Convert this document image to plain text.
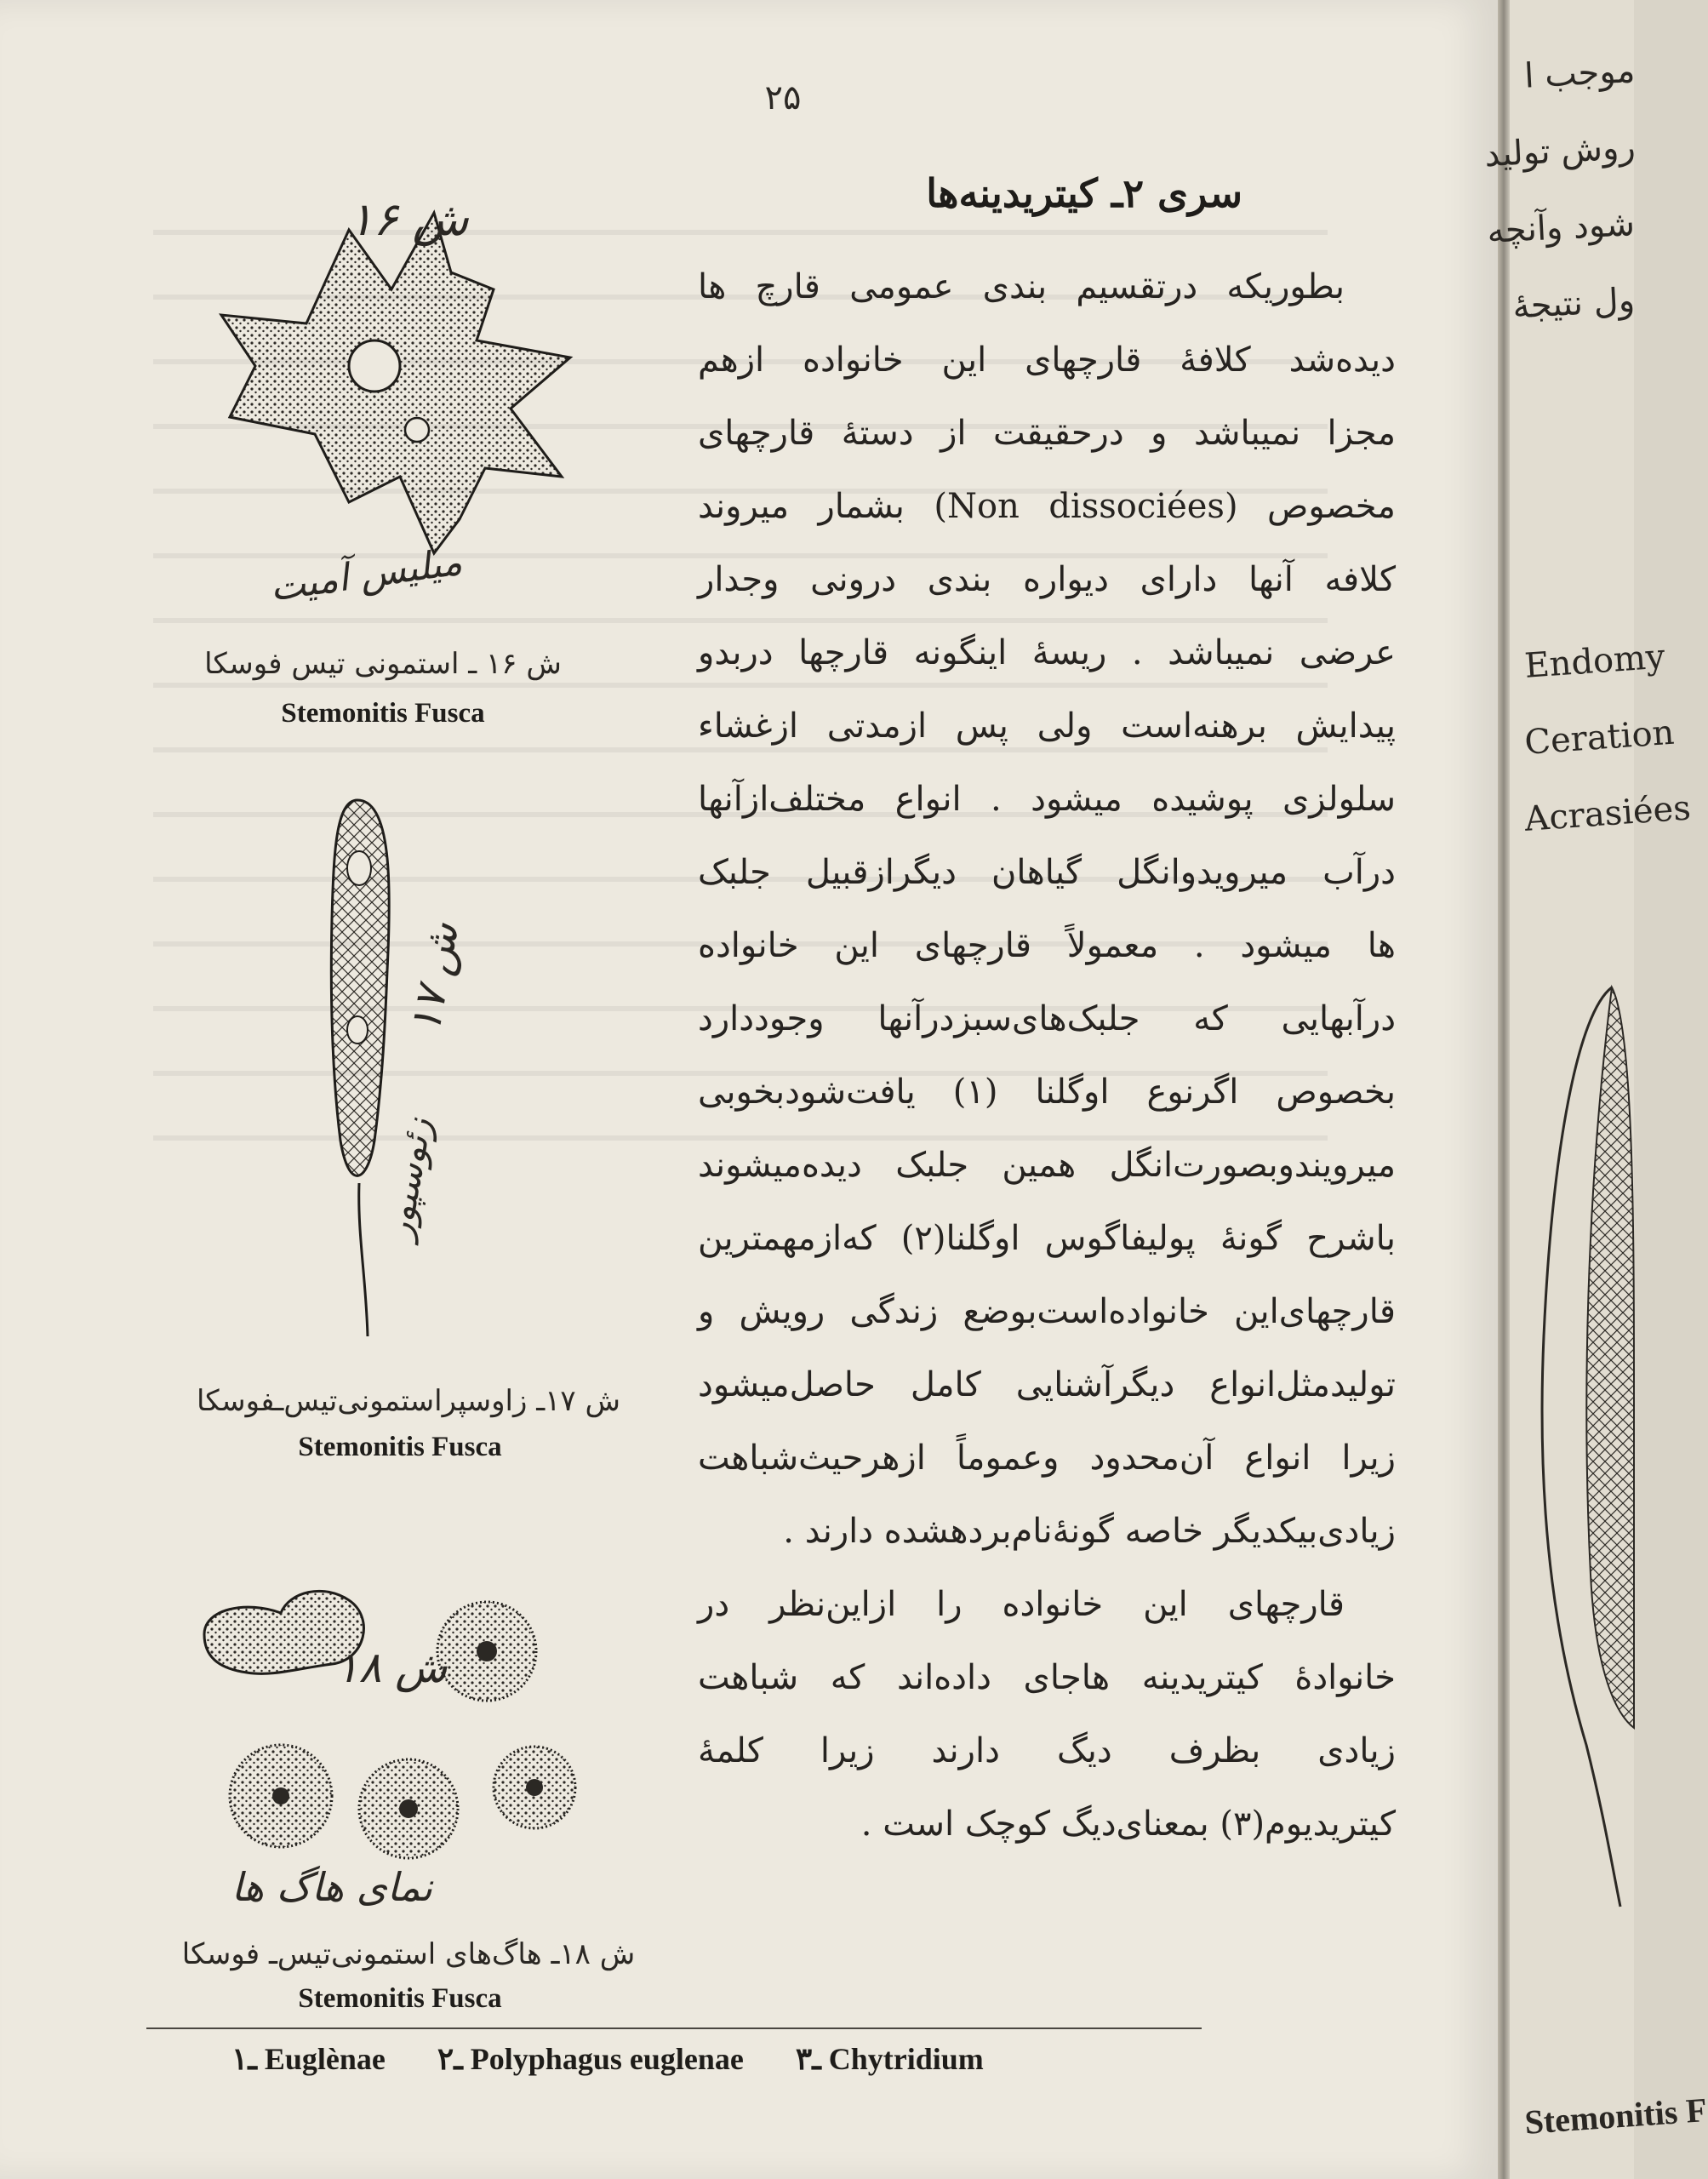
۲۵
سری ۲ـ کیتریدینه‌ها
بطوریکه درتقسیم بندی عمومی قارچ ها
دیده‌شد کلافهٔ قارچهای این خانواده ازهم
مجزا نمیباشد و درحقیقت از دستهٔ قارچهای
مخصوص (Non dissociées) بشمار میروند
کلافه آنها دارای دیواره بندی درونی وجدار
عرضی نمیباشد . ریسهٔ اینگونه قارچها دربدو
پیدایش برهنه‌است ولی پس ازمدتی ازغشاء
سلولزی پوشیده میشود . انواع مختلف‌ازآنها
درآب میرویدوانگل گیاهان دیگرازقبیل جلبک
ها میشود . معمولاً قارچهای این خانواده
درآبهایی که جلبک‌های‌سبزدرآنها وجوددارد
بخصوص اگرنوع اوگلنا (۱) یافت‌شودبخوبی
میرویندوبصورت‌انگل همین جلبک دیده‌میشوند
باشرح گونهٔ پولیفاگوس اوگلنا(۲) که‌ازمهمترین
قارچهای‌این خانواده‌است‌بوضع زندگی رویش و
تولیدمثل‌انواع دیگرآشنایی کامل حاصل‌میشود
زیرا انواع آن‌محدود وعموماً ازهرحیث‌شباهت
زیادی‌بیکدیگر خاصه گونهٔ‌نام‌بردهشده دارند .
قارچهای این خانواده را ازاین‌نظر در
خانوادهٔ کیتریدینه هاجای داده‌اند که شباهت
زیادی بظرف دیگ دارند زیرا کلمهٔ
کیتریدیوم(۳) بمعنای‌دیگ کوچک است .
ش ۱۶
میلیس آمیت
ش ۱۶ ـ استمونی تیس فوسکا
Stemonitis Fusca
ش ۱۷
زئوسپور
ش ۱۷ـ زاوسپراستمونی‌تیس‌ـفوسکا
Stemonitis Fusca
ش ۱۸
نمای هاگ ها
ش ۱۸ـ هاگ‌های استمونی‌تیس‌ـ فوسکا
Stemonitis Fusca
۱ـ Euglènae ۲ـ Polyphagus euglenae ۳ـ Chytridium
موجب ا
روش تولید
شود وآنچه
ول نتیجهٔ
Endomy
Ceration
Acrasiées
Stemonitis F
